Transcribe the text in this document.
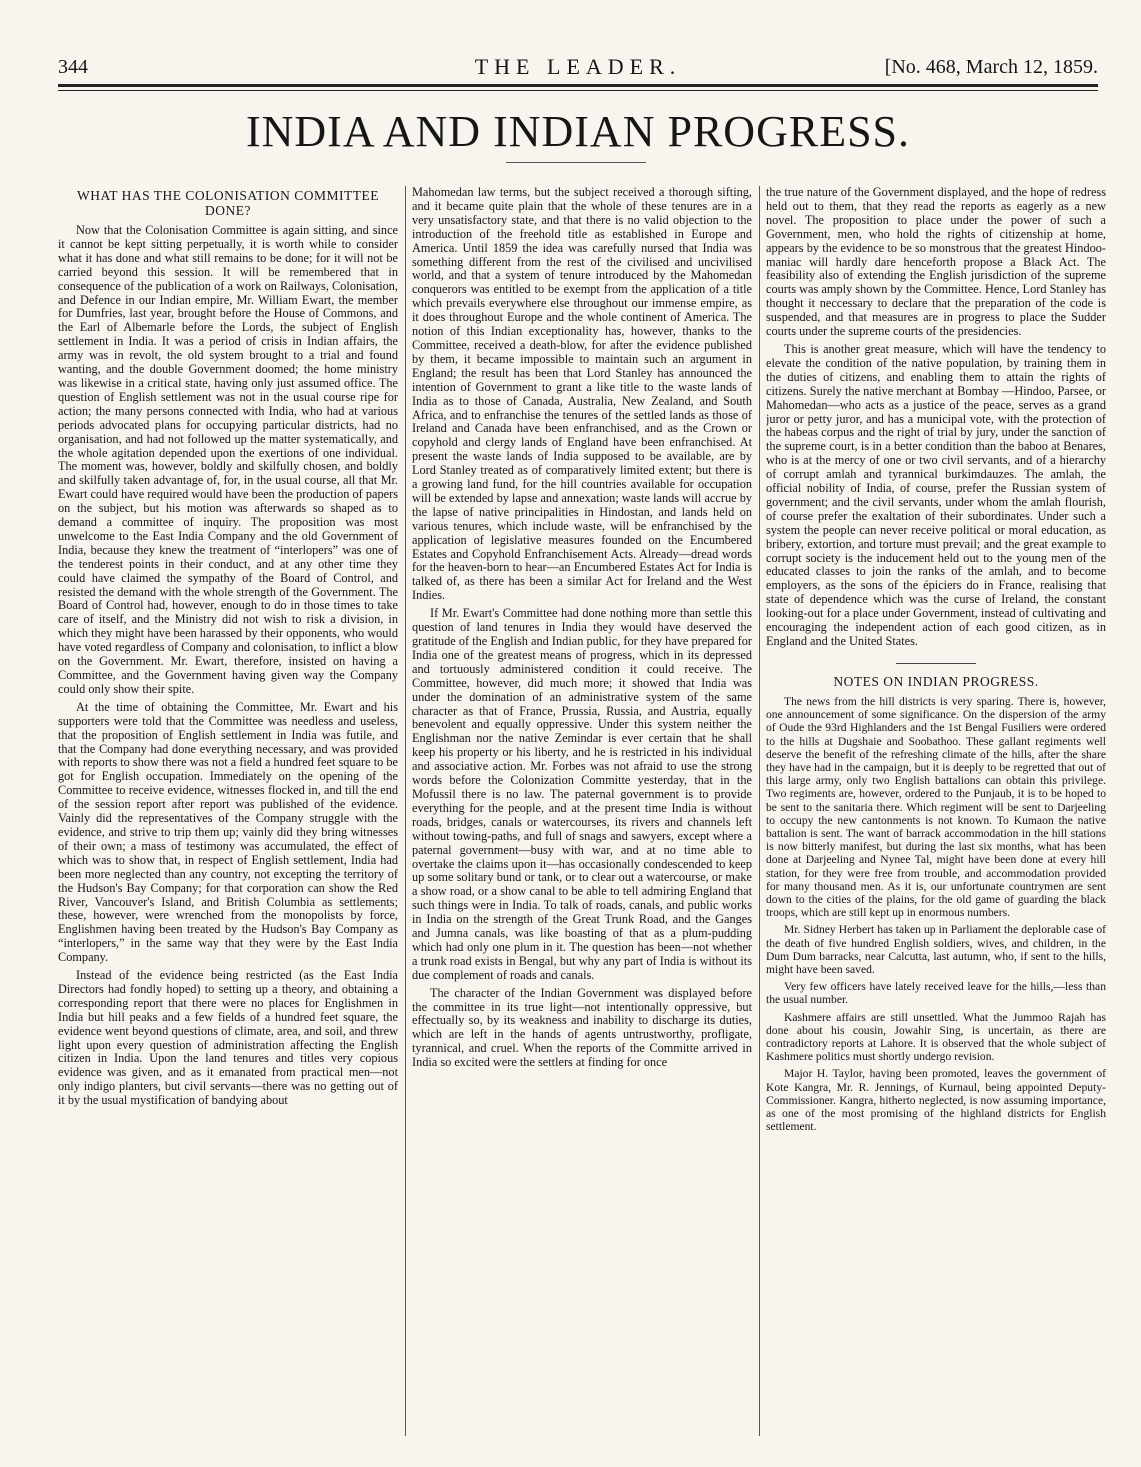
344	THE LEADER.	[No. 468, March 12, 1859.
INDIA AND INDIAN PROGRESS.
WHAT HAS THE COLONISATION COMMITTEE DONE?

Now that the Colonisation Committee is again sitting, and since it cannot be kept sitting perpetually, it is worth while to consider what it has done and what still remains to be done; for it will not be carried beyond this session. It will be remembered that in consequence of the publication of a work on Railways, Colonisation, and Defence in our Indian empire, Mr. William Ewart, the member for Dumfries, last year, brought before the House of Commons, and the Earl of Albemarle before the Lords, the subject of English settlement in India. It was a period of crisis in Indian affairs, the army was in revolt, the old system brought to a trial and found wanting, and the double Government doomed; the home ministry was likewise in a critical state, having only just assumed office. The question of English settlement was not in the usual course ripe for action; the many persons connected with India, who had at various periods advocated plans for occupying particular districts, had no organisation, and had not followed up the matter systematically, and the whole agitation depended upon the exertions of one individual. The moment was, however, boldly and skilfully chosen, and boldly and skilfully taken advantage of, for, in the usual course, all that Mr. Ewart could have required would have been the production of papers on the subject, but his motion was afterwards so shaped as to demand a committee of inquiry. The proposition was most unwelcome to the East India Company and the old Government of India, because they knew the treatment of “interlopers” was one of the tenderest points in their conduct, and at any other time they could have claimed the sympathy of the Board of Control, and resisted the demand with the whole strength of the Government. The Board of Control had, however, enough to do in those times to take care of itself, and the Ministry did not wish to risk a division, in which they might have been harassed by their opponents, who would have voted regardless of Company and colonisation, to inflict a blow on the Government. Mr. Ewart, therefore, insisted on having a Committee, and the Government having given way the Company could only show their spite.

At the time of obtaining the Committee, Mr. Ewart and his supporters were told that the Committee was needless and useless, that the proposition of English settlement in India was futile, and that the Company had done everything necessary, and was provided with reports to show there was not a field a hundred feet square to be got for English occupation. Immediately on the opening of the Committee to receive evidence, witnesses flocked in, and till the end of the session report after report was published of the evidence. Vainly did the representatives of the Company struggle with the evidence, and strive to trip them up; vainly did they bring witnesses of their own; a mass of testimony was accumulated, the effect of which was to show that, in respect of English settlement, India had been more neglected than any country, not excepting the territory of the Hudson's Bay Company; for that corporation can show the Red River, Vancouver's Island, and British Columbia as settlements; these, however, were wrenched from the monopolists by force, Englishmen having been treated by the Hudson's Bay Company as “interlopers,” in the same way that they were by the East India Company.

Instead of the evidence being restricted (as the East India Directors had fondly hoped) to setting up a theory, and obtaining a corresponding report that there were no places for Englishmen in India but hill peaks and a few fields of a hundred feet square, the evidence went beyond questions of climate, area, and soil, and threw light upon every question of administration affecting the English citizen in India. Upon the land tenures and titles very copious evidence was given, and as it emanated from practical men—not only indigo planters, but civil servants—there was no getting out of it by the usual mystification of bandying about

Mahomedan law terms, but the subject received a thorough sifting, and it became quite plain that the whole of these tenures are in a very unsatisfactory state, and that there is no valid objection to the introduction of the freehold title as established in Europe and America. Until 1859 the idea was carefully nursed that India was something different from the rest of the civilised and uncivilised world, and that a system of tenure introduced by the Mahomedan conquerors was entitled to be exempt from the application of a title which prevails everywhere else throughout our immense empire, as it does throughout Europe and the whole continent of America. The notion of this Indian exceptionality has, however, thanks to the Committee, received a death-blow, for after the evidence published by them, it became impossible to maintain such an argument in England; the result has been that Lord Stanley has announced the intention of Government to grant a like title to the waste lands of India as to those of Canada, Australia, New Zealand, and South Africa, and to enfranchise the tenures of the settled lands as those of Ireland and Canada have been enfranchised, and as the Crown or copyhold and clergy lands of England have been enfranchised. At present the waste lands of India supposed to be available, are by Lord Stanley treated as of comparatively limited extent; but there is a growing land fund, for the hill countries available for occupation will be extended by lapse and annexation; waste lands will accrue by the lapse of native principalities in Hindostan, and lands held on various tenures, which include waste, will be enfranchised by the application of legislative measures founded on the Encumbered Estates and Copyhold Enfranchisement Acts. Already—dread words for the heaven-born to hear—an Encumbered Estates Act for India is talked of, as there has been a similar Act for Ireland and the West Indies.

If Mr. Ewart's Committee had done nothing more than settle this question of land tenures in India they would have deserved the gratitude of the English and Indian public, for they have prepared for India one of the greatest means of progress, which in its depressed and tortuously administered condition it could receive. The Committee, however, did much more; it showed that India was under the domination of an administrative system of the same character as that of France, Prussia, Russia, and Austria, equally benevolent and equally oppressive. Under this system neither the Englishman nor the native Zemindar is ever certain that he shall keep his property or his liberty, and he is restricted in his individual and associative action. Mr. Forbes was not afraid to use the strong words before the Colonization Committe yesterday, that in the Mofussil there is no law. The paternal government is to provide everything for the people, and at the present time India is without roads, bridges, canals or watercourses, its rivers and channels left without towing-paths, and full of snags and sawyers, except where a paternal government—busy with war, and at no time able to overtake the claims upon it—has occasionally condescended to keep up some solitary bund or tank, or to clear out a watercourse, or make a show road, or a show canal to be able to tell admiring England that such things were in India. To talk of roads, canals, and public works in India on the strength of the Great Trunk Road, and the Ganges and Jumna canals, was like boasting of that as a plum-pudding which had only one plum in it. The question has been—not whether a trunk road exists in Bengal, but why any part of India is without its due complement of roads and canals.

The character of the Indian Government was displayed before the committee in its true light—not intentionally oppressive, but effectually so, by its weakness and inability to discharge its duties, which are left in the hands of agents untrustworthy, profligate, tyrannical, and cruel. When the reports of the Committe arrived in India so excited were the settlers at finding for once

the true nature of the Government displayed, and the hope of redress held out to them, that they read the reports as eagerly as a new novel. The proposition to place under the power of such a Government, men, who hold the rights of citizenship at home, appears by the evidence to be so monstrous that the greatest Hindoo-maniac will hardly dare henceforth propose a Black Act. The feasibility also of extending the English jurisdiction of the supreme courts was amply shown by the Committee. Hence, Lord Stanley has thought it neccessary to declare that the preparation of the code is suspended, and that measures are in progress to place the Sudder courts under the supreme courts of the presidencies.

This is another great measure, which will have the tendency to elevate the condition of the native population, by training them in the duties of citizens, and enabling them to attain the rights of citizens. Surely the native merchant at Bombay —Hindoo, Parsee, or Mahomedan—who acts as a justice of the peace, serves as a grand juror or petty juror, and has a municipal vote, with the protection of the habeas corpus and the right of trial by jury, under the sanction of the supreme court, is in a better condition than the baboo at Benares, who is at the mercy of one or two civil servants, and of a hierarchy of corrupt amlah and tyrannical burkimdauzes. The amlah, the official nobility of India, of course, prefer the Russian system of government; and the civil servants, under whom the amlah flourish, of course prefer the exaltation of their subordinates. Under such a system the people can never receive political or moral education, as bribery, extortion, and torture must prevail; and the great example to corrupt society is the inducement held out to the young men of the educated classes to join the ranks of the amlah, and to become employers, as the sons of the épiciers do in France, realising that state of dependence which was the curse of Ireland, the constant looking-out for a place under Government, instead of cultivating and encouraging the independent action of each good citizen, as in England and the United States.

NOTES ON INDIAN PROGRESS.

The news from the hill districts is very sparing. There is, however, one announcement of some significance. On the dispersion of the army of Oude the 93rd Highlanders and the 1st Bengal Fusiliers were ordered to the hills at Dugshaie and Soobathoo. These gallant regiments well deserve the benefit of the refreshing climate of the hills, after the share they have had in the campaign, but it is deeply to be regretted that out of this large army, only two English battalions can obtain this privilege. Two regiments are, however, ordered to the Punjaub, it is to be hoped to be sent to the sanitaria there. Which regiment will be sent to Darjeeling to occupy the new cantonments is not known. To Kumaon the native battalion is sent. The want of barrack accommodation in the hill stations is now bitterly manifest, but during the last six months, what has been done at Darjeeling and Nynee Tal, might have been done at every hill station, for they were free from trouble, and accommodation provided for many thousand men. As it is, our unfortunate countrymen are sent down to the cities of the plains, for the old game of guarding the black troops, which are still kept up in enormous numbers.

Mr. Sidney Herbert has taken up in Parliament the deplorable case of the death of five hundred English soldiers, wives, and children, in the Dum Dum barracks, near Calcutta, last autumn, who, if sent to the hills, might have been saved.

Very few officers have lately received leave for the hills,—less than the usual number.

Kashmere affairs are still unsettled. What the Jummoo Rajah has done about his cousin, Jowahir Sing, is uncertain, as there are contradictory reports at Lahore. It is observed that the whole subject of Kashmere politics must shortly undergo revision.

Major H. Taylor, having been promoted, leaves the government of Kote Kangra, Mr. R. Jennings, of Kurnaul, being appointed Deputy-Commissioner. Kangra, hitherto neglected, is now assuming importance, as one of the most promising of the highland districts for English settlement.
